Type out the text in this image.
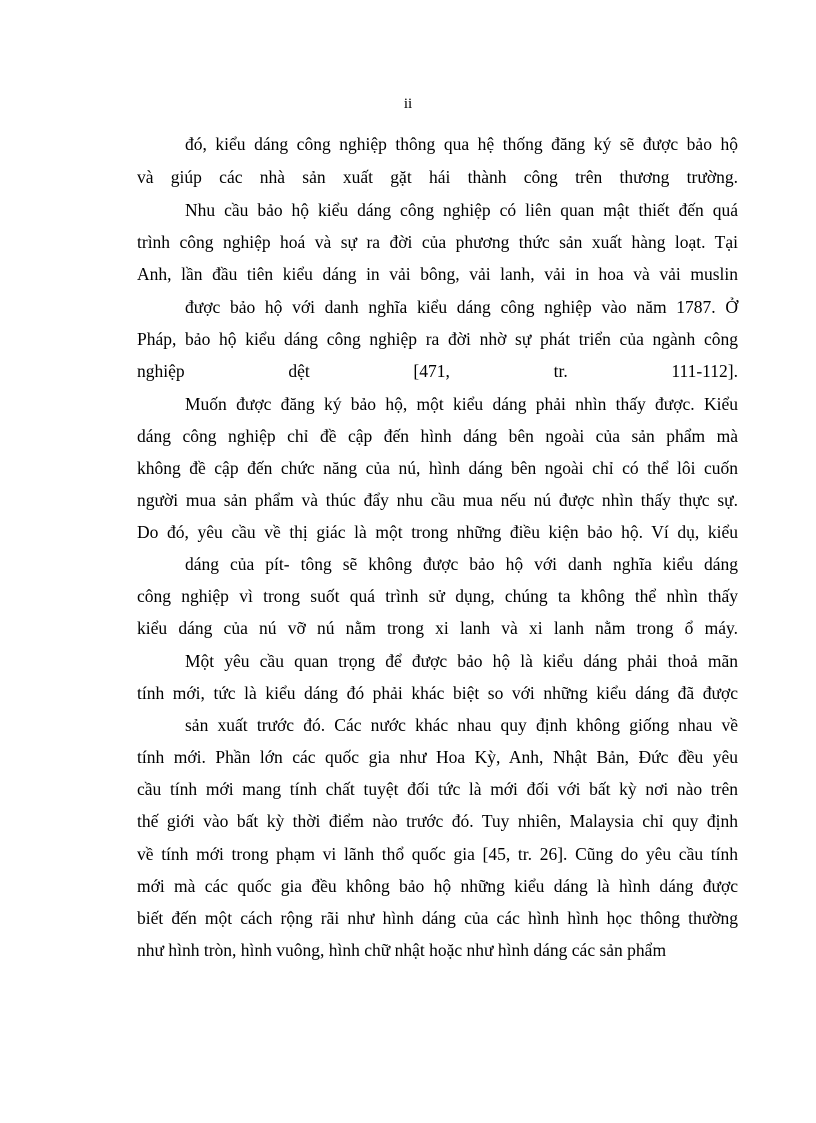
ii
đó, kiểu dáng công nghiệp thông qua hệ thống đăng ký sẽ được bảo hộ
và giúp các nhà sản xuất gặt hái thành công trên thương trường.
Nhu cầu bảo hộ kiểu dáng công nghiệp có liên quan mật thiết đến quá
trình công nghiệp hoá và sự ra đời của phương thức sản xuất hàng loạt. Tại
Anh, lần đầu tiên kiểu dáng in vải bông, vải lanh, vải in hoa và vải muslin
được bảo hộ với danh nghĩa kiểu dáng công nghiệp vào năm 1787. Ở
Pháp, bảo hộ kiểu dáng công nghiệp ra đời nhờ sự phát triển của ngành công
nghiệp dệt [471, tr. 111-112].
Muốn được đăng ký bảo hộ, một kiểu dáng phải nhìn thấy được. Kiểu
dáng công nghiệp chỉ đề cập đến hình dáng bên ngoài của sản phẩm mà
không đề cập đến chức năng của nú, hình dáng bên ngoài chỉ có thể lôi cuốn
người mua sản phẩm và thúc đẩy nhu cầu mua nếu nú được nhìn thấy thực sự.
Do đó, yêu cầu về thị giác là một trong những điều kiện bảo hộ. Ví dụ, kiểu
dáng của pít- tông sẽ không được bảo hộ với danh nghĩa kiểu dáng
công nghiệp vì trong suốt quá trình sử dụng, chúng ta không thể nhìn thấy
kiểu dáng của nú vỡ nú nằm trong xi lanh và xi lanh nằm trong ổ máy.
Một yêu cầu quan trọng để được bảo hộ là kiểu dáng phải thoả mãn
tính mới, tức là kiểu dáng đó phải khác biệt so với những kiểu dáng đã được
sản xuất trước đó. Các nước khác nhau quy định không giống nhau về
tính mới. Phần lớn các quốc gia như Hoa Kỳ, Anh, Nhật Bản, Đức đều yêu
cầu tính mới mang tính chất tuyệt đối tức là mới đối với bất kỳ nơi nào trên
thế giới vào bất kỳ thời điểm nào trước đó. Tuy nhiên, Malaysia chỉ quy định
về tính mới trong phạm vi lãnh thổ quốc gia [45, tr. 26]. Cũng do yêu cầu tính
mới mà các quốc gia đều không bảo hộ những kiểu dáng là hình dáng được
biết đến một cách rộng rãi như hình dáng của các hình hình học thông thường
như hình tròn, hình vuông, hình chữ nhật hoặc như hình dáng các sản phẩm
